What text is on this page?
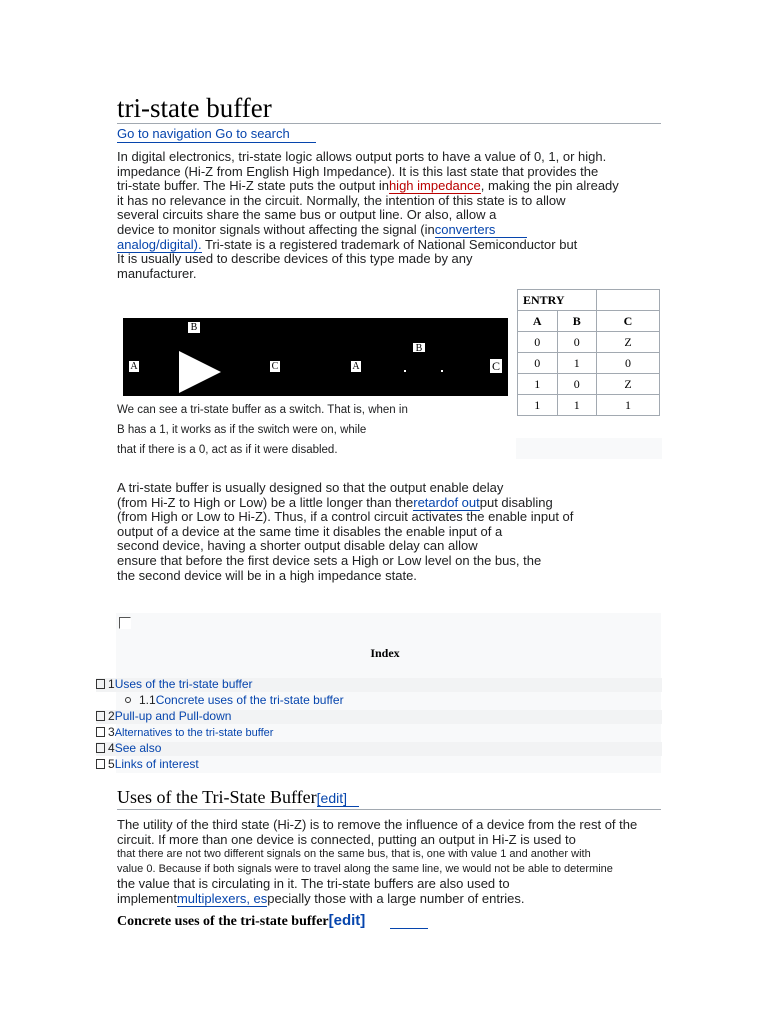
tri-state buffer
Go to navigation Go to search
In digital electronics, tri-state logic allows output ports to have a value of 0, 1, or high.
impedance (Hi-Z from English High Impedance). It is this last state that provides the
tri-state buffer. The Hi-Z state puts the output inhigh impedance, making the pin already
it has no relevance in the circuit. Normally, the intention of this state is to allow
several circuits share the same bus or output line. Or also, allow a
device to monitor signals without affecting the signal (inconverters
analog/digital). Tri-state is a registered trademark of National Semiconductor but
It is usually used to describe devices of this type made by any
manufacturer.
B
A	C	A
B
C
We can see a tri-state buffer as a switch. That is, when in
B has a 1, it works as if the switch were on, while
that if there is a 0, act as if it were disabled.
ENTRY		
A	B	C
0	0	Z
0	1	0
1	0	Z
1	1	1
A tri-state buffer is usually designed so that the output enable delay
(from Hi-Z to High or Low) be a little longer than theretardof output disabling
(from High or Low to Hi-Z). Thus, if a control circuit activates the enable input of
output of a device at the same time it disables the enable input of a
second device, having a shorter output disable delay can allow
ensure that before the first device sets a High or Low level on the bus, the
the second device will be in a high impedance state.
Index
1Uses of the tri-state buffer
1.1Concrete uses of the tri-state buffer
2Pull-up and Pull-down
3Alternatives to the tri-state buffer
4See also
5Links of interest
Uses of the Tri-State Buffer[edit]
The utility of the third state (Hi-Z) is to remove the influence of a device from the rest of the
circuit. If more than one device is connected, putting an output in Hi-Z is used to
that there are not two different signals on the same bus, that is, one with value 1 and another with
value 0. Because if both signals were to travel along the same line, we would not be able to determine
the value that is circulating in it. The tri-state buffers are also used to
implementmultiplexers, especially those with a large number of entries.
Concrete uses of the tri-state buffer[edit]
